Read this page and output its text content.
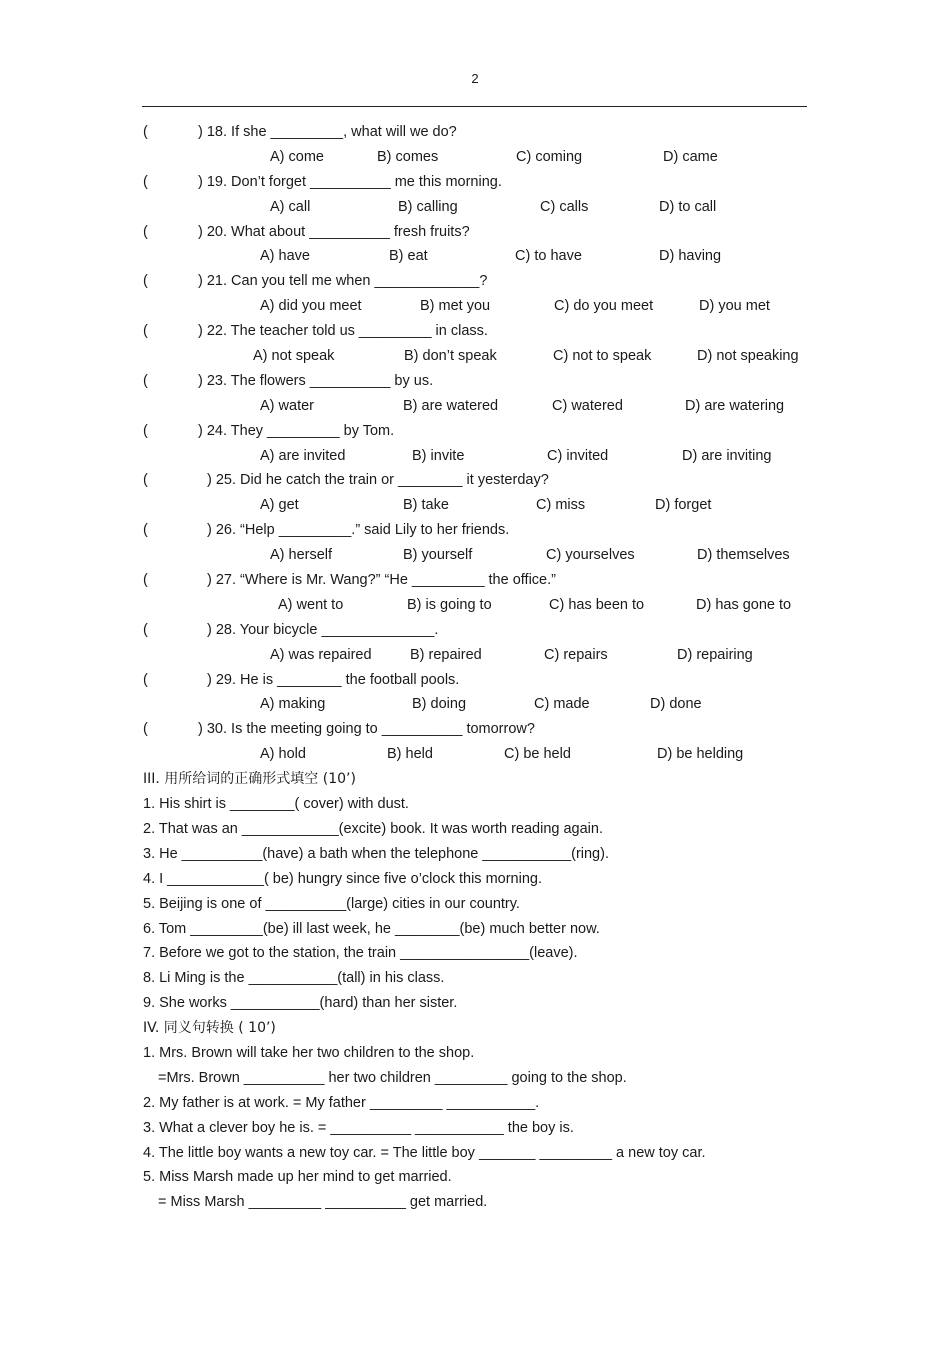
2
(	) 18. If she _________, what will we do?
A) come	B) comes	C) coming	D) came
(	) 19. Don’t forget __________ me this morning.
A) call	B) calling	C) calls	D) to call
(	) 20. What about __________ fresh fruits?
A) have	B) eat	C) to have	D) having
(	) 21. Can you tell me when _____________?
A) did you meet	B) met you	C) do you meet	D) you met
(	) 22. The teacher told us _________ in class.
A) not speak	B) don’t speak	C) not to speak	D) not speaking
(	) 23. The flowers __________ by us.
A) water	B) are watered	C) watered	D) are watering
(	) 24. They _________ by Tom.
A) are invited	B) invite	C) invited	D) are inviting
(	) 25. Did he catch the train or ________ it yesterday?
A) get	B) take	C) miss	D) forget
(	) 26. “Help _________.” said Lily to her friends.
A) herself	B) yourself	C) yourselves	D) themselves
(	) 27. “Where is Mr. Wang?” “He _________ the office.”
A) went to	B) is going to	C) has been to	D) has gone to
(	) 28. Your bicycle ______________.
A) was repaired	B) repaired	C) repairs	D) repairing
(	) 29. He is ________ the football pools.
A) making	B) doing	C) made	D) done
(	) 30. Is the meeting going to __________ tomorrow?
A) hold	B) held	C) be held	D) be helding
III. 用所给词的正确形式填空 (10’)
1. His shirt is ________( cover) with dust.
2. That was an ____________(excite) book. It was worth reading again.
3. He __________(have) a bath when the telephone ___________(ring).
4. I ____________( be) hungry since five o’clock this morning.
5. Beijing is one of __________(large) cities in our country.
6. Tom _________(be) ill last week, he ________(be) much better now.
7. Before we got to the station, the train ________________(leave).
8. Li Ming is the ___________(tall) in his class.
9. She works ___________(hard) than her sister.
IV. 同义句转换 ( 10’)
1. Mrs. Brown will take her two children to the shop.
=Mrs. Brown __________ her two children _________ going to the shop.
2. My father is at work. = My father _________ ___________.
3. What a clever boy he is. = __________ ___________ the boy is.
4. The little boy wants a new toy car. = The little boy _______ _________ a new toy car.
5. Miss Marsh made up her mind to get married.
= Miss Marsh _________ __________ get married.
